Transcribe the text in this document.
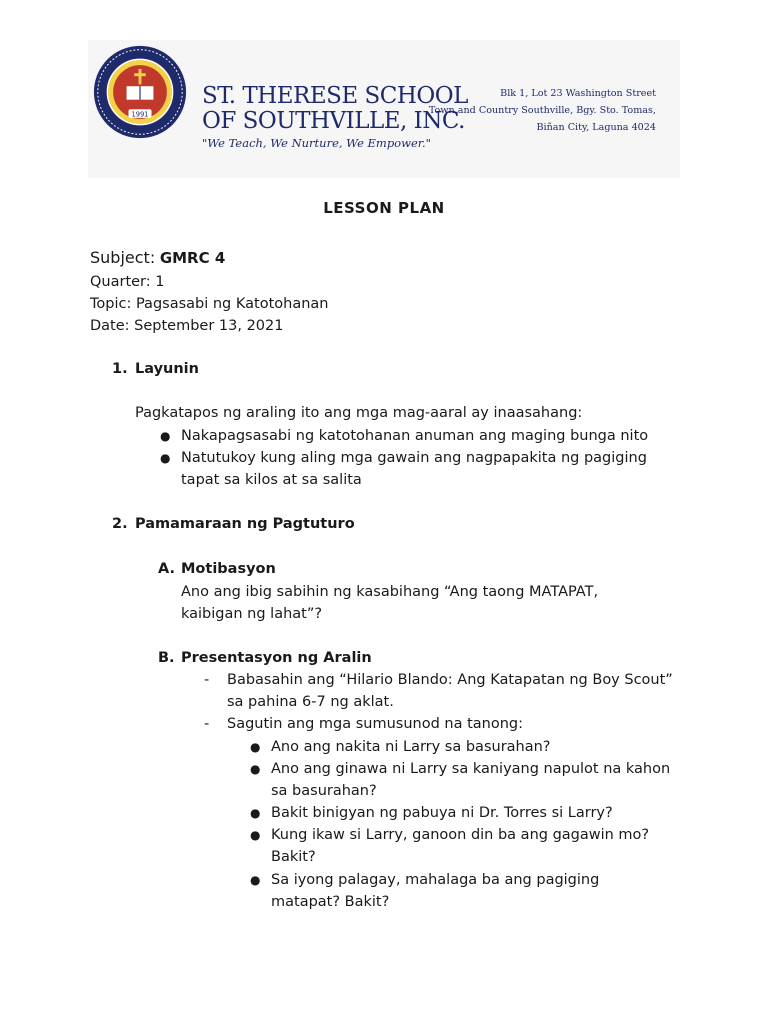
1991
ST. THERESE SCHOOL
OF SOUTHVILLE, INC.
"We Teach, We Nurture, We Empower."
Blk 1, Lot 23 Washington Street
Town and Country Southville, Bgy. Sto. Tomas,
Biñan City, Laguna 4024
LESSON PLAN
Subject: GMRC 4
Quarter: 1
Topic: Pagsasabi ng Katotohanan
Date: September 13, 2021
1. Layunin
Pagkatapos ng araling ito ang mga mag-aaral ay inaasahang:
● Nakapagsasabi ng katotohanan anuman ang maging bunga nito
● Natutukoy kung aling mga gawain ang nagpapakita ng pagiging
tapat sa kilos at sa salita
2. Pamamaraan ng Pagtuturo
A. Motibasyon
Ano ang ibig sabihin ng kasabihang “Ang taong MATAPAT,
kaibigan ng lahat”?
B. Presentasyon ng Aralin
- Babasahin ang “Hilario Blando: Ang Katapatan ng Boy Scout”
sa pahina 6-7 ng aklat.
- Sagutin ang mga sumusunod na tanong:
● Ano ang nakita ni Larry sa basurahan?
● Ano ang ginawa ni Larry sa kaniyang napulot na kahon
sa basurahan?
● Bakit binigyan ng pabuya ni Dr. Torres si Larry?
● Kung ikaw si Larry, ganoon din ba ang gagawin mo?
Bakit?
● Sa iyong palagay, mahalaga ba ang pagiging
matapat? Bakit?
